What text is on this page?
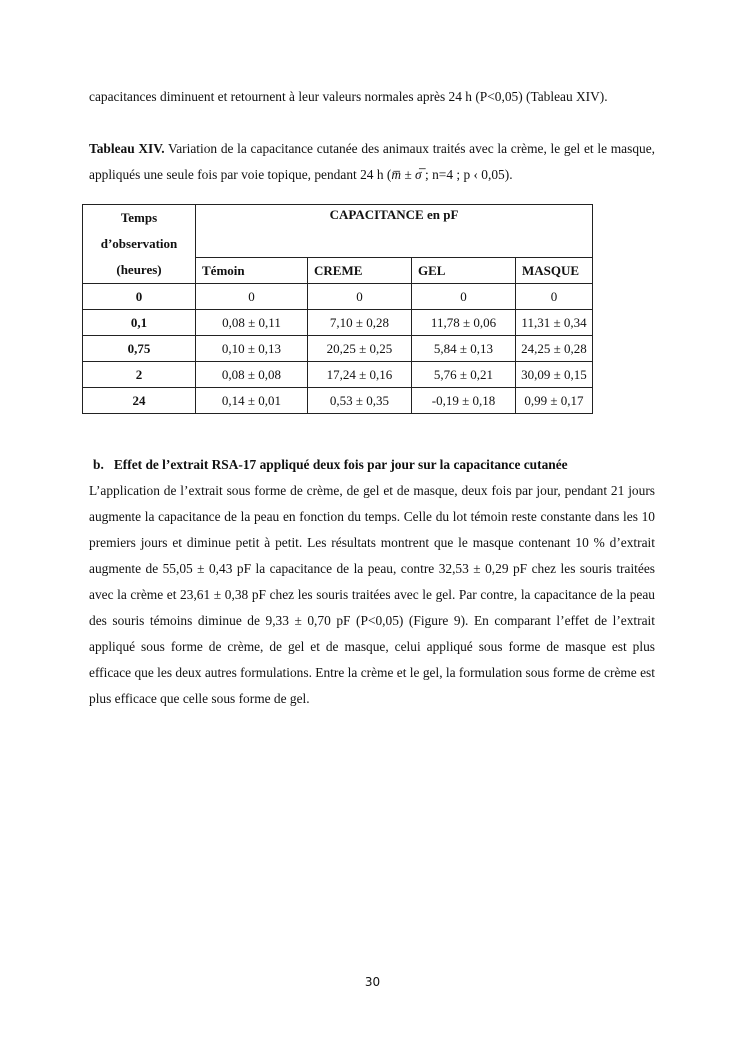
capacitances diminuent et retournent à leur valeurs normales après 24 h (P<0,05) (Tableau XIV).

Tableau XIV. Variation de la capacitance cutanée des animaux traités avec la crème, le gel et le masque, appliqués une seule fois par voie topique, pendant 24 h (m̅ ± σ̅ ; n=4 ; p ‹ 0,05).

Temps
d’observation
(heures)	CAPACITANCE en pF			
	Témoin	CREME	GEL	MASQUE
0	0	0	0	0
0,1	0,08 ± 0,11	7,10 ± 0,28	11,78 ± 0,06	11,31 ± 0,34
0,75	0,10 ± 0,13	20,25 ± 0,25	5,84 ± 0,13	24,25 ± 0,28
2	0,08 ± 0,08	17,24 ± 0,16	5,76 ± 0,21	30,09 ± 0,15
24	0,14 ± 0,01	0,53 ± 0,35	-0,19 ± 0,18	0,99 ± 0,17
b.   Effet de l’extrait RSA-17 appliqué deux fois par jour sur la capacitance cutanée

L’application de l’extrait sous forme de crème, de gel et de masque, deux fois par jour, pendant 21 jours augmente la capacitance de la peau en fonction du temps. Celle du lot témoin reste constante dans les 10 premiers jours et diminue petit à petit. Les résultats montrent que le masque contenant 10 % d’extrait augmente de 55,05 ± 0,43 pF la capacitance de la peau, contre 32,53 ± 0,29 pF chez les souris traitées avec la crème et 23,61 ± 0,38 pF chez les souris traitées avec le gel. Par contre, la capacitance de la peau des souris témoins diminue de 9,33 ± 0,70 pF (P<0,05) (Figure 9). En comparant l’effet de l’extrait appliqué sous forme de crème, de gel et de masque, celui appliqué sous forme de masque est plus efficace que les deux autres formulations. Entre la crème et le gel, la formulation sous forme de crème est plus efficace que celle sous forme de gel.

30
